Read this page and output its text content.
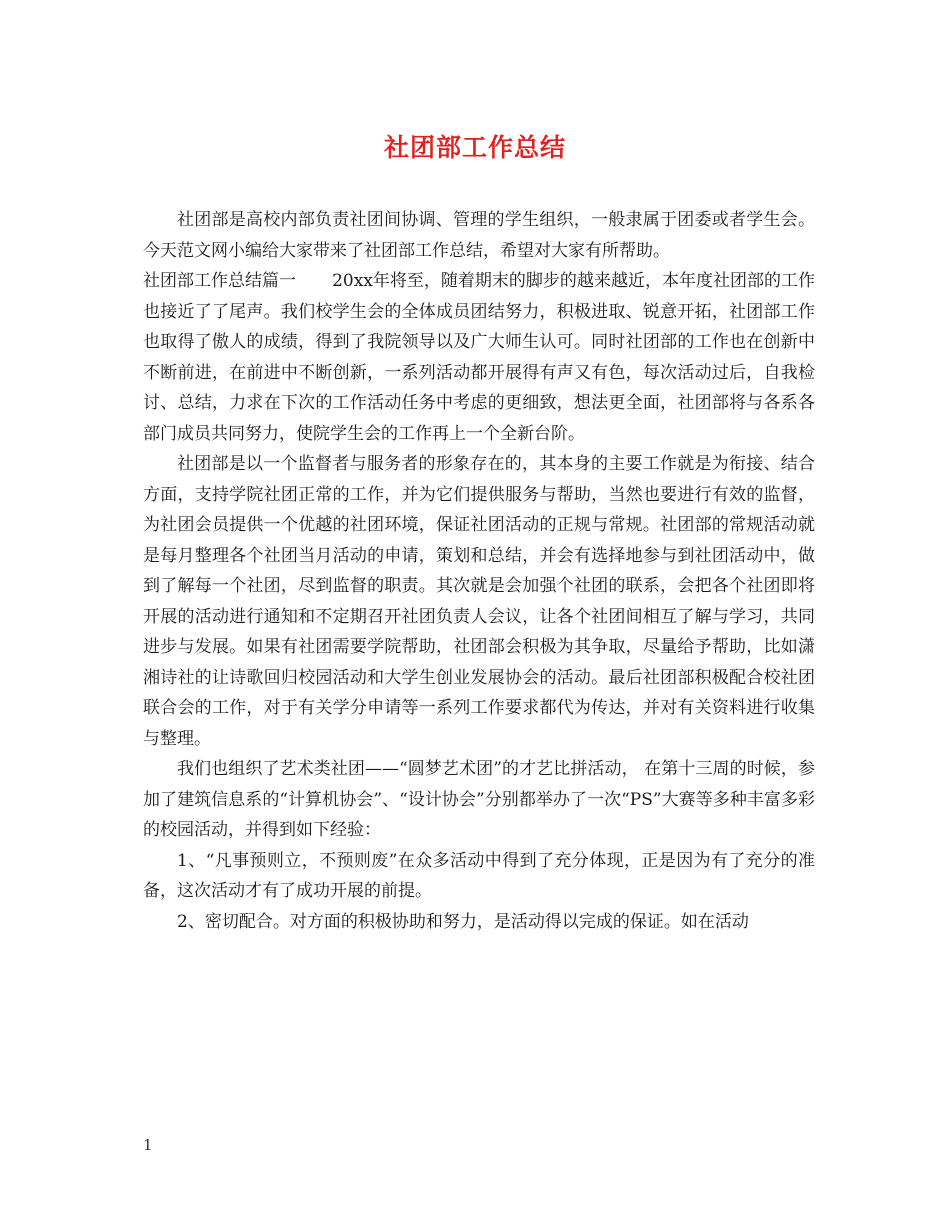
社团部工作总结

社团部是高校内部负责社团间协调、管理的学生组织，一般隶属于团委或者学生会。今天范文网小编给大家带来了社团部工作总结，希望对大家有所帮助。

社团部工作总结篇一 20xx年将至，随着期末的脚步的越来越近，本年度社团部的工作也接近了了尾声。我们校学生会的全体成员团结努力，积极进取、锐意开拓，社团部工作也取得了傲人的成绩，得到了我院领导以及广大师生认可。同时社团部的工作也在创新中不断前进，在前进中不断创新，一系列活动都开展得有声又有色，每次活动过后，自我检讨、总结，力求在下次的工作活动任务中考虑的更细致，想法更全面，社团部将与各系各部门成员共同努力，使院学生会的工作再上一个全新台阶。

社团部是以一个监督者与服务者的形象存在的，其本身的主要工作就是为衔接、结合方面，支持学院社团正常的工作，并为它们提供服务与帮助，当然也要进行有效的监督，为社团会员提供一个优越的社团环境，保证社团活动的正规与常规。社团部的常规活动就是每月整理各个社团当月活动的申请，策划和总结，并会有选择地参与到社团活动中，做到了解每一个社团，尽到监督的职责。其次就是会加强个社团的联系，会把各个社团即将开展的活动进行通知和不定期召开社团负责人会议，让各个社团间相互了解与学习，共同进步与发展。如果有社团需要学院帮助，社团部会积极为其争取，尽量给予帮助，比如潇湘诗社的让诗歌回归校园活动和大学生创业发展协会的活动。最后社团部积极配合校社团联合会的工作，对于有关学分申请等一系列工作要求都代为传达，并对有关资料进行收集与整理。

我们也组织了艺术类社团——“圆梦艺术团”的才艺比拼活动， 在第十三周的时候，参加了建筑信息系的“计算机协会”、“设计协会”分别都举办了一次“PS”大赛等多种丰富多彩的校园活动，并得到如下经验：

1、“凡事预则立，不预则废”在众多活动中得到了充分体现，正是因为有了充分的准备，这次活动才有了成功开展的前提。

2、密切配合。对方面的积极协助和努力，是活动得以完成的保证。如在活动

1
